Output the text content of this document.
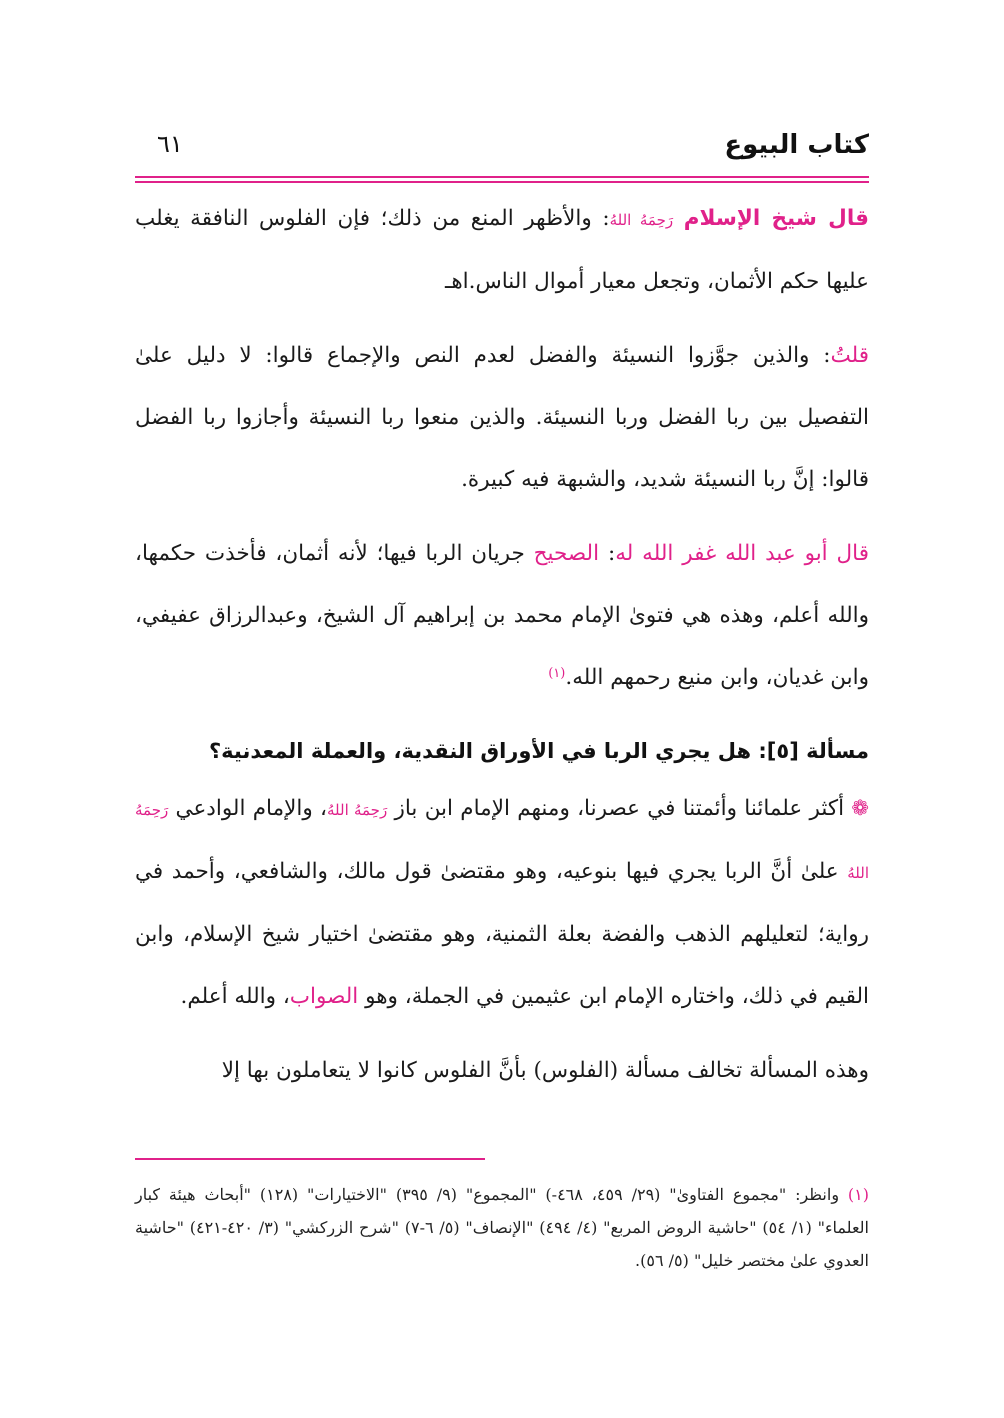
كتاب البيوع
٦١

قال شيخ الإسلام رَحِمَهُ اللهُ: والأظهر المنع من ذلك؛ فإن الفلوس النافقة يغلب عليها حكم الأثمان، وتجعل معيار أموال الناس.اهـ

قلتُ: والذين جوَّزوا النسيئة والفضل لعدم النص والإجماع قالوا: لا دليل علىٰ التفصيل بين ربا الفضل وربا النسيئة. والذين منعوا ربا النسيئة وأجازوا ربا الفضل قالوا: إنَّ ربا النسيئة شديد، والشبهة فيه كبيرة.

قال أبو عبد الله غفر الله له: الصحيح جريان الربا فيها؛ لأنه أثمان، فأخذت حكمها، والله أعلم، وهذه هي فتوىٰ الإمام محمد بن إبراهيم آل الشيخ، وعبدالرزاق عفيفي، وابن غديان، وابن منيع رحمهم الله.$^{(١)}$

مسألة [٥]: هل يجري الربا في الأوراق النقدية، والعملة المعدنية؟

❁ أكثر علمائنا وأئمتنا في عصرنا، ومنهم الإمام ابن باز رَحِمَهُ اللهُ، والإمام الوادعي رَحِمَهُ اللهُ علىٰ أنَّ الربا يجري فيها بنوعيه، وهو مقتضىٰ قول مالك، والشافعي، وأحمد في رواية؛ لتعليلهم الذهب والفضة بعلة الثمنية، وهو مقتضىٰ اختيار شيخ الإسلام، وابن القيم في ذلك، واختاره الإمام ابن عثيمين في الجملة، وهو الصواب، والله أعلم.

وهذه المسألة تخالف مسألة (الفلوس) بأنَّ الفلوس كانوا لا يتعاملون بها إلا

(١) وانظر: "مجموع الفتاوىٰ" (٢٩/ ٤٥٩، ٤٦٨-) "المجموع" (٩/ ٣٩٥) "الاختيارات" (١٢٨) "أبحاث هيئة كبار العلماء" (١/ ٥٤) "حاشية الروض المربع" (٤/ ٤٩٤) "الإنصاف" (٥/ ٦-٧) "شرح الزركشي" (٣/ ٤٢٠-٤٢١) "حاشية العدوي علىٰ مختصر خليل" (٥/ ٥٦).
